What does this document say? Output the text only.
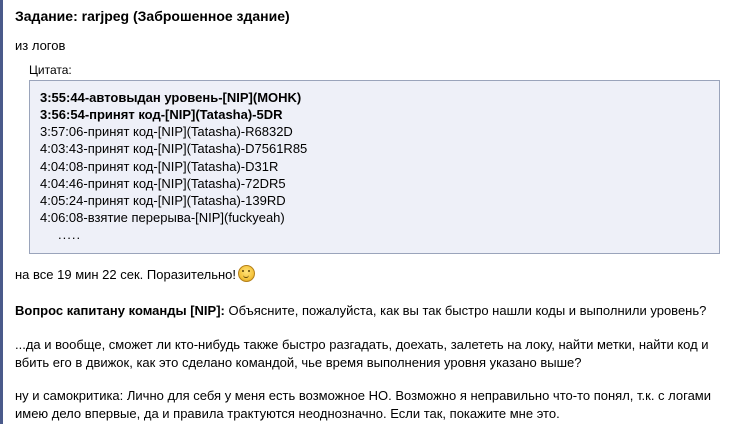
Задание: rarjpeg (Заброшенное здание)
из логов
Цитата:
3:55:44-автовыдан уровень-[NIP](MOHK)
3:56:54-принят код-[NIP](Tatasha)-5DR
3:57:06-принят код-[NIP](Tatasha)-R6832D
4:03:43-принят код-[NIP](Tatasha)-D7561R85
4:04:08-принят код-[NIP](Tatasha)-D31R
4:04:46-принят код-[NIP](Tatasha)-72DR5
4:05:24-принят код-[NIP](Tatasha)-139RD
4:06:08-взятие перерыва-[NIP](fuckyeah)
.....
на все 19 мин 22 сек. Поразительно!
Вопрос капитану команды [NIP]: Объясните, пожалуйста, как вы так быстро нашли коды и выполнили уровень?
...да и вообще, сможет ли кто-нибудь также быстро разгадать, доехать, залететь на локу, найти метки, найти код и вбить его в движок, как это сделано командой, чье время выполнения уровня указано выше?
ну и самокритика: Лично для себя у меня есть возможное НО. Возможно я неправильно что-то понял, т.к. с логами имею дело впервые, да и правила трактуются неоднозначно. Если так, покажите мне это.
